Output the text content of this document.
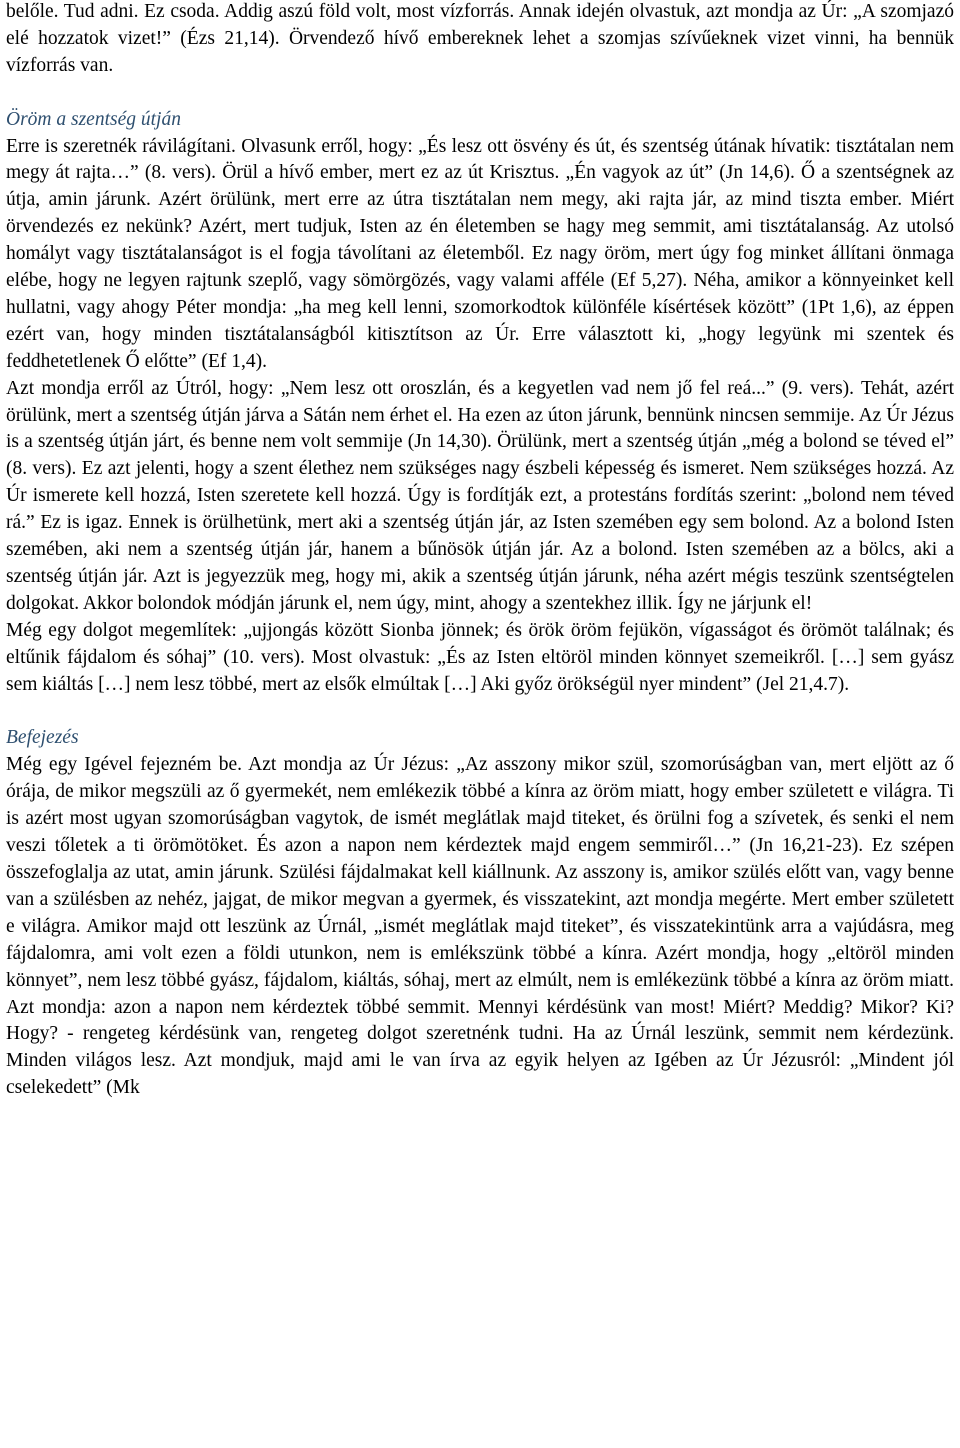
belőle. Tud adni. Ez csoda. Addig aszú föld volt, most vízforrás. Annak idején olvastuk, azt mondja az Úr: „A szomjazó elé hozzatok vizet!” (Ézs 21,14). Örvendező hívő embereknek lehet a szomjas szívűeknek vizet vinni, ha bennük vízforrás van.

Öröm a szentség útján

Erre is szeretnék rávilágítani. Olvasunk erről, hogy: „És lesz ott ösvény és út, és szentség útának hívatik: tisztátalan nem megy át rajta…” (8. vers). Örül a hívő ember, mert ez az út Krisztus. „Én vagyok az út” (Jn 14,6). Ő a szentségnek az útja, amin járunk. Azért örülünk, mert erre az útra tisztátalan nem megy, aki rajta jár, az mind tiszta ember. Miért örvendezés ez nekünk? Azért, mert tudjuk, Isten az én életemben se hagy meg semmit, ami tisztátalanság. Az utolsó homályt vagy tisztátalanságot is el fogja távolítani az életemből. Ez nagy öröm, mert úgy fog minket állítani önmaga elébe, hogy ne legyen rajtunk szeplő, vagy sömörgözés, vagy valami afféle (Ef 5,27). Néha, amikor a könnyeinket kell hullatni, vagy ahogy Péter mondja: „ha meg kell lenni, szomorkodtok különféle kísértések között” (1Pt 1,6), az éppen ezért van, hogy minden tisztátalanságból kitisztítson az Úr. Erre választott ki, „hogy legyünk mi szentek és feddhetetlenek Ő előtte” (Ef 1,4).

Azt mondja erről az Útról, hogy: „Nem lesz ott oroszlán, és a kegyetlen vad nem jő fel reá...” (9. vers). Tehát, azért örülünk, mert a szentség útján járva a Sátán nem érhet el. Ha ezen az úton járunk, bennünk nincsen semmije. Az Úr Jézus is a szentség útján járt, és benne nem volt semmije (Jn 14,30). Örülünk, mert a szentség útján „még a bolond se téved el” (8. vers). Ez azt jelenti, hogy a szent élethez nem szükséges nagy észbeli képesség és ismeret. Nem szükséges hozzá. Az Úr ismerete kell hozzá, Isten szeretete kell hozzá. Úgy is fordítják ezt, a protestáns fordítás szerint: „bolond nem téved rá.” Ez is igaz. Ennek is örülhetünk, mert aki a szentség útján jár, az Isten szemében egy sem bolond. Az a bolond Isten szemében, aki nem a szentség útján jár, hanem a bűnösök útján jár. Az a bolond. Isten szemében az a bölcs, aki a szentség útján jár. Azt is jegyezzük meg, hogy mi, akik a szentség útján járunk, néha azért mégis teszünk szentségtelen dolgokat. Akkor bolondok módján járunk el, nem úgy, mint, ahogy a szentekhez illik. Így ne járjunk el!

Még egy dolgot megemlítek: „ujjongás között Sionba jönnek; és örök öröm fejükön, vígasságot és örömöt találnak; és eltűnik fájdalom és sóhaj” (10. vers). Most olvastuk: „És az Isten eltöröl minden könnyet szemeikről. […] sem gyász sem kiáltás […] nem lesz többé, mert az elsők elmúltak […] Aki győz örökségül nyer mindent” (Jel 21,4.7).

Befejezés

Még egy Igével fejezném be. Azt mondja az Úr Jézus: „Az asszony mikor szül, szomorúságban van, mert eljött az ő órája, de mikor megszüli az ő gyermekét, nem emlékezik többé a kínra az öröm miatt, hogy ember született e világra. Ti is azért most ugyan szomorúságban vagytok, de ismét meglátlak majd titeket, és örülni fog a szívetek, és senki el nem veszi tőletek a ti örömötöket. És azon a napon nem kérdeztek majd engem semmiről…” (Jn 16,21-23). Ez szépen összefoglalja az utat, amin járunk. Szülési fájdalmakat kell kiállnunk. Az asszony is, amikor szülés előtt van, vagy benne van a szülésben az nehéz, jajgat, de mikor megvan a gyermek, és visszatekint, azt mondja megérte. Mert ember született e világra. Amikor majd ott leszünk az Úrnál, „ismét meglátlak majd titeket”, és visszatekintünk arra a vajúdásra, meg fájdalomra, ami volt ezen a földi utunkon, nem is emlékszünk többé a kínra. Azért mondja, hogy „eltöröl minden könnyet”, nem lesz többé gyász, fájdalom, kiáltás, sóhaj, mert az elmúlt, nem is emlékezünk többé a kínra az öröm miatt. Azt mondja: azon a napon nem kérdeztek többé semmit. Mennyi kérdésünk van most! Miért? Meddig? Mikor? Ki? Hogy? - rengeteg kérdésünk van, rengeteg dolgot szeretnénk tudni. Ha az Úrnál leszünk, semmit nem kérdezünk. Minden világos lesz. Azt mondjuk, majd ami le van írva az egyik helyen az Igében az Úr Jézusról: „Mindent jól cselekedett” (Mk
